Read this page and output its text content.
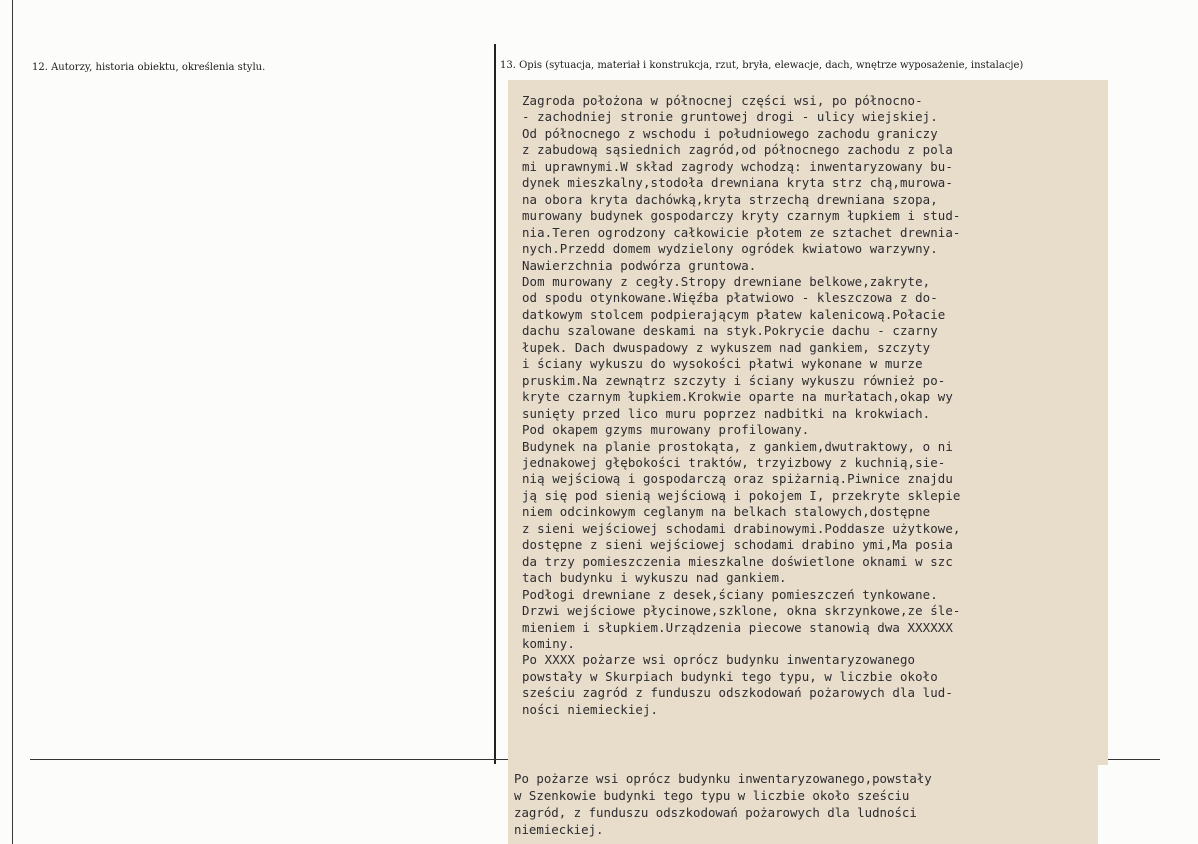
12. Autorzy, historia obiektu, określenia stylu.	13. Opis (sytuacja, materiał i konstrukcja, rzut, bryła, elewacje, dach, wnętrze wyposażenie, instalacje)
Zagroda położona w północnej części wsi, po północno-
- zachodniej stronie gruntowej drogi - ulicy wiejskiej.
Od północnego z wschodu i południowego zachodu graniczy
z zabudową sąsiednich zagród,od północnego zachodu z pola
mi uprawnymi.W skład zagrody wchodzą: inwentaryzowany bu-
dynek mieszkalny,stodoła drewniana kryta strz chą,murowa-
na obora kryta dachówką,kryta strzechą drewniana szopa,
murowany budynek gospodarczy kryty czarnym łupkiem i stud-
nia.Teren ogrodzony całkowicie płotem ze sztachet drewnia-
nych.Przedd domem wydzielony ogródek kwiatowo warzywny.
Nawierzchnia podwórza gruntowa.
Dom murowany z cegły.Stropy drewniane belkowe,zakryte,
od spodu otynkowane.Więźba płatwiowo - kleszczowa z do-
datkowym stolcem podpierającym płatew kalenicową.Połacie
dachu szalowane deskami na styk.Pokrycie dachu - czarny
łupek. Dach dwuspadowy z wykuszem nad gankiem, szczyty
i ściany wykuszu do wysokości płatwi wykonane w murze
pruskim.Na zewnątrz szczyty i ściany wykuszu również po-
kryte czarnym łupkiem.Krokwie oparte na murłatach,okap wy
sunięty przed lico muru poprzez nadbitki na krokwiach.
Pod okapem gzyms murowany profilowany.
Budynek na planie prostokąta, z gankiem,dwutraktowy, o ni
jednakowej głębokości traktów, trzyizbowy z kuchnią,sie-
nią wejściową i gospodarczą oraz spiżarnią.Piwnice znajdu
ją się pod sienią wejściową i pokojem I, przekryte sklepie
niem odcinkowym ceglanym na belkach stalowych,dostępne
z sieni wejściowej schodami drabinowymi.Poddasze użytkowe,
dostępne z sieni wejściowej schodami drabino ymi,Ma posia
da trzy pomieszczenia mieszkalne doświetlone oknami w szc
tach budynku i wykuszu nad gankiem.
Podłogi drewniane z desek,ściany pomieszczeń tynkowane.
Drzwi wejściowe płycinowe,szklone, okna skrzynkowe,ze śle-
mieniem i słupkiem.Urządzenia piecowe stanowią dwa XXXXXX
kominy.
Po XXXX pożarze wsi oprócz budynku inwentaryzowanego
powstały w Skurpiach budynki tego typu, w liczbie około
sześciu zagród z funduszu odszkodowań pożarowych dla lud-
ności niemieckiej.
Po pożarze wsi oprócz budynku inwentaryzowanego,powstały
w Szenkowie budynki tego typu w liczbie około sześciu
zagród, z funduszu odszkodowań pożarowych dla ludności
niemieckiej.
